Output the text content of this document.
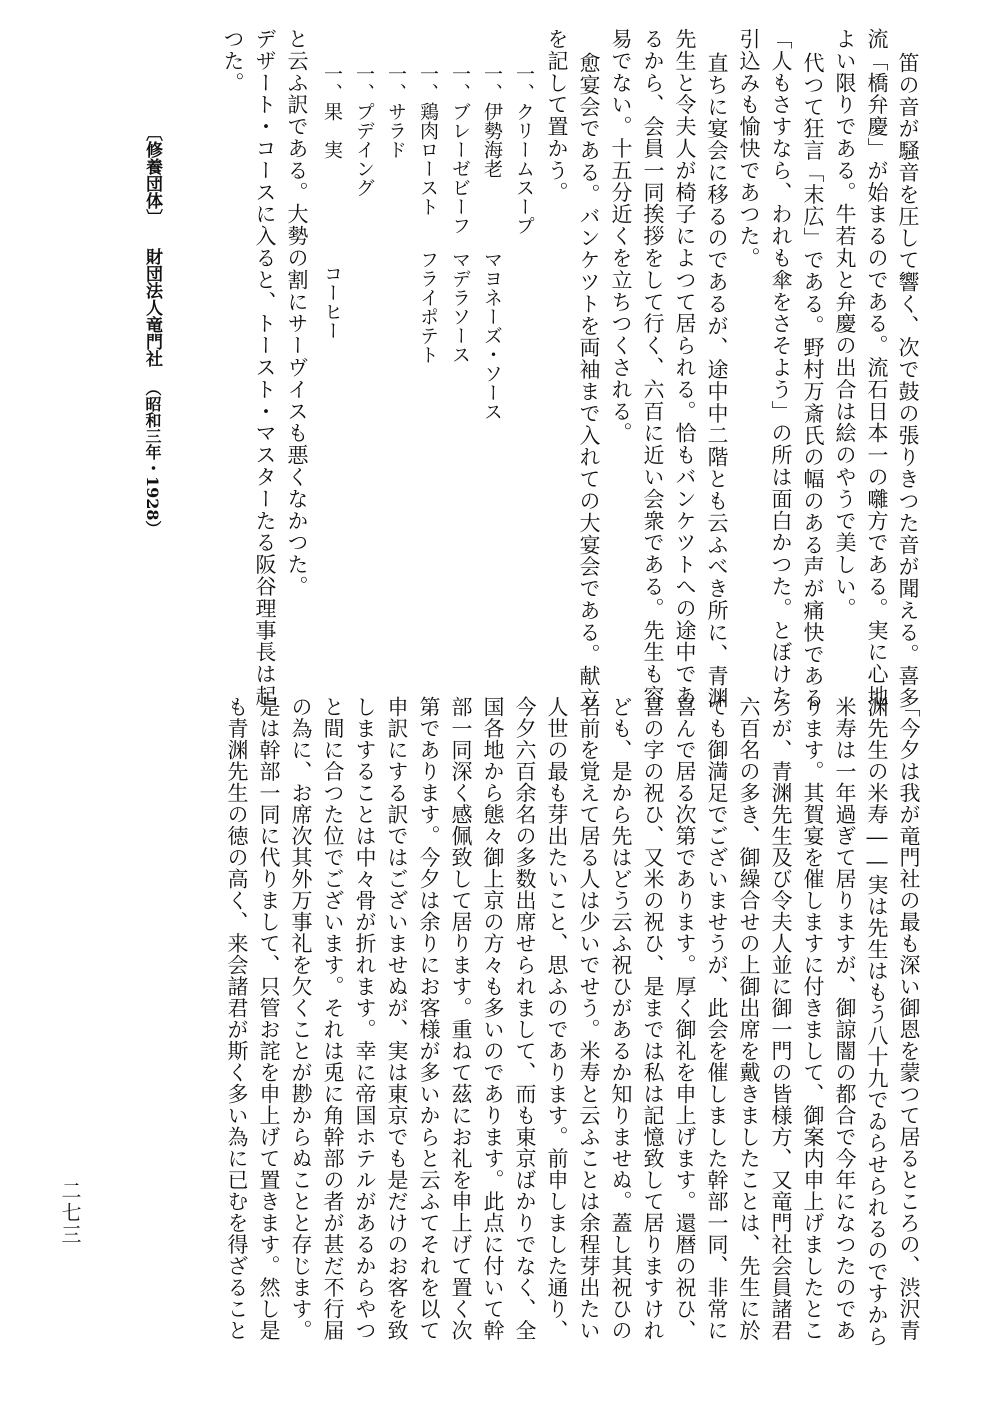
笛の音が騒音を圧して響く、次で鼓の張りきつた音が聞える。喜多
流「橋弁慶」が始まるのである。流石日本一の囃方である。実に心地
よい限りである。牛若丸と弁慶の出合は絵のやうで美しい。
代つて狂言「末広」である。野村万斎氏の幅のある声が痛快である
「人もさすなら、われも傘をさそよう」の所は面白かつた。とぼけた
引込みも愉快であつた。
直ちに宴会に移るのであるが、途中中二階とも云ふべき所に、青渊
先生と令夫人が椅子によつて居られる。恰もバンケツトへの途中であ
るから、会員一同挨拶をして行く、六百に近い会衆である。先生も容
易でない。十五分近くを立ちつくされる。
愈宴会である。バンケツトを両袖まで入れての大宴会である。献立
を記して置かう。
一、クリームスープ
一、伊勢海老
マヨネーズ・ソース
一、ブレーゼビーフ
マデラソース
一、鶏肉ロースト
フライポテト
一、サラド
一、プデイング
一、果　実
コーヒー
と云ふ訳である。大勢の割にサーヴイスも悪くなかつた。
デザート・コースに入ると、トースト・マスターたる阪谷理事長は起
つた。
〔修養団体〕
財団法人竜門社
（昭和三年・1928）
「今夕は我が竜門社の最も深い御恩を蒙つて居るところの、渋沢青
渊先生の米寿――実は先生はもう八十九でゐらせられるのですから
米寿は一年過ぎて居りますが、御諒闇の都合で今年になつたのであ
ります。其賀宴を催しますに付きまして、御案内申上げましたとこ
ろが、青渊先生及び令夫人並に御一門の皆様方、又竜門社会員諸君
六百名の多き、御繰合せの上御出席を戴きましたことは、先生に於
ても御満足でございませうが、此会を催しました幹部一同、非常に
喜んで居る次第であります。厚く御礼を申上げます。還暦の祝ひ、
喜の字の祝ひ、又米の祝ひ、是までは私は記憶致して居りますけれ
ども、是から先はどう云ふ祝ひがあるか知りませぬ。蓋し其祝ひの
名前を覚えて居る人は少いでせう。米寿と云ふことは余程芽出たい
人世の最も芽出たいこと、思ふのであります。前申しました通り、
今夕六百余名の多数出席せられまして、而も東京ばかりでなく、全
国各地から態々御上京の方々も多いのであります。此点に付いて幹
部一同深く感佩致して居ります。重ねて茲にお礼を申上げて置く次
第であります。今夕は余りにお客様が多いからと云ふてそれを以て
申訳にする訳ではございませぬが、実は東京でも是だけのお客を致
しますることは中々骨が折れます。幸に帝国ホテルがあるからやつ
と間に合つた位でございます。それは兎に角幹部の者が甚だ不行届
の為に、お席次其外万事礼を欠くことが尠からぬことと存じます。
是は幹部一同に代りまして、只管お詫を申上げて置きます。然し是
も青渊先生の徳の高く、来会諸君が斯く多い為に已むを得ざること
二七三
